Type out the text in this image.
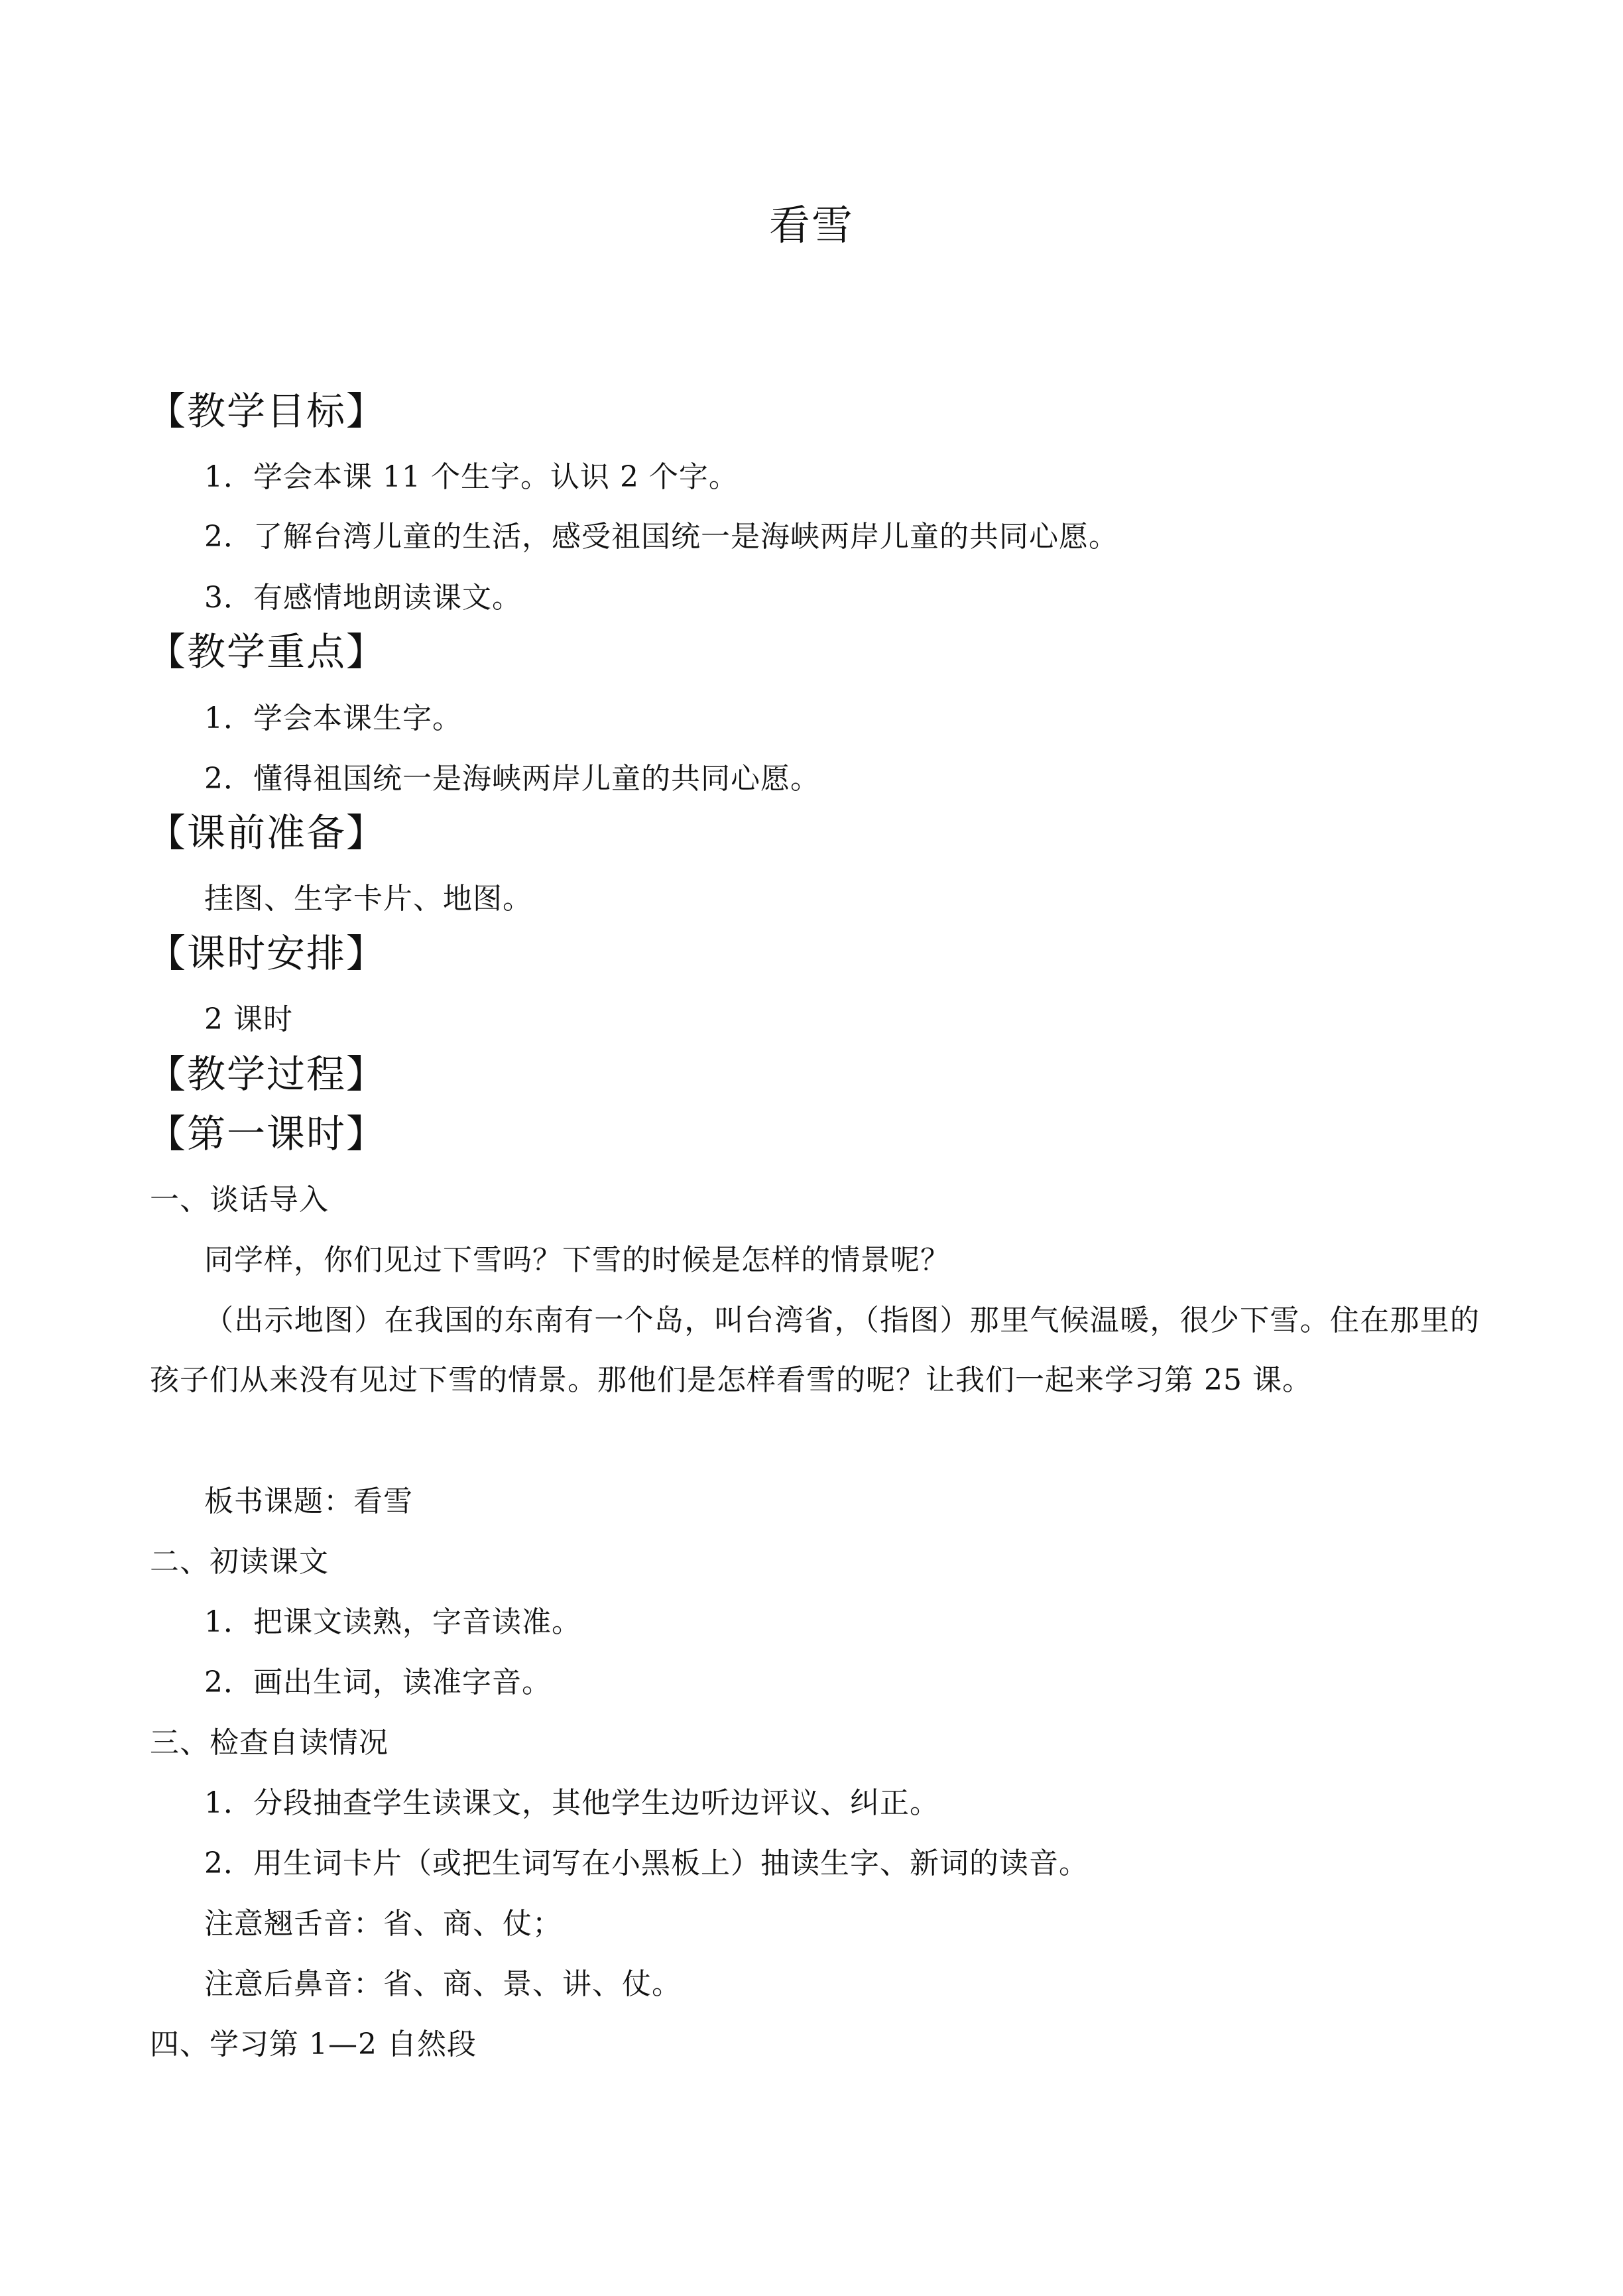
看雪
【教学目标】
1．学会本课 11 个生字。认识 2 个字。
2．了解台湾儿童的生活，感受祖国统一是海峡两岸儿童的共同心愿。
3．有感情地朗读课文。
【教学重点】
1．学会本课生字。
2．懂得祖国统一是海峡两岸儿童的共同心愿。
【课前准备】
挂图、生字卡片、地图。
【课时安排】
2 课时
【教学过程】
【第一课时】
一、谈话导入
同学样，你们见过下雪吗？下雪的时候是怎样的情景呢？
（出示地图）在我国的东南有一个岛，叫台湾省，（指图）那里气候温暖，很少下雪。住在那里的孩子们从来没有见过下雪的情景。那他们是怎样看雪的呢？让我们一起来学习第 25 课。
板书课题：看雪
二、初读课文
1．把课文读熟，字音读准。
2．画出生词，读准字音。
三、检查自读情况
1．分段抽查学生读课文，其他学生边听边评议、纠正。
2．用生词卡片（或把生词写在小黑板上）抽读生字、新词的读音。
注意翘舌音：省、商、仗；
注意后鼻音：省、商、景、讲、仗。
四、学习第 1—2 自然段
